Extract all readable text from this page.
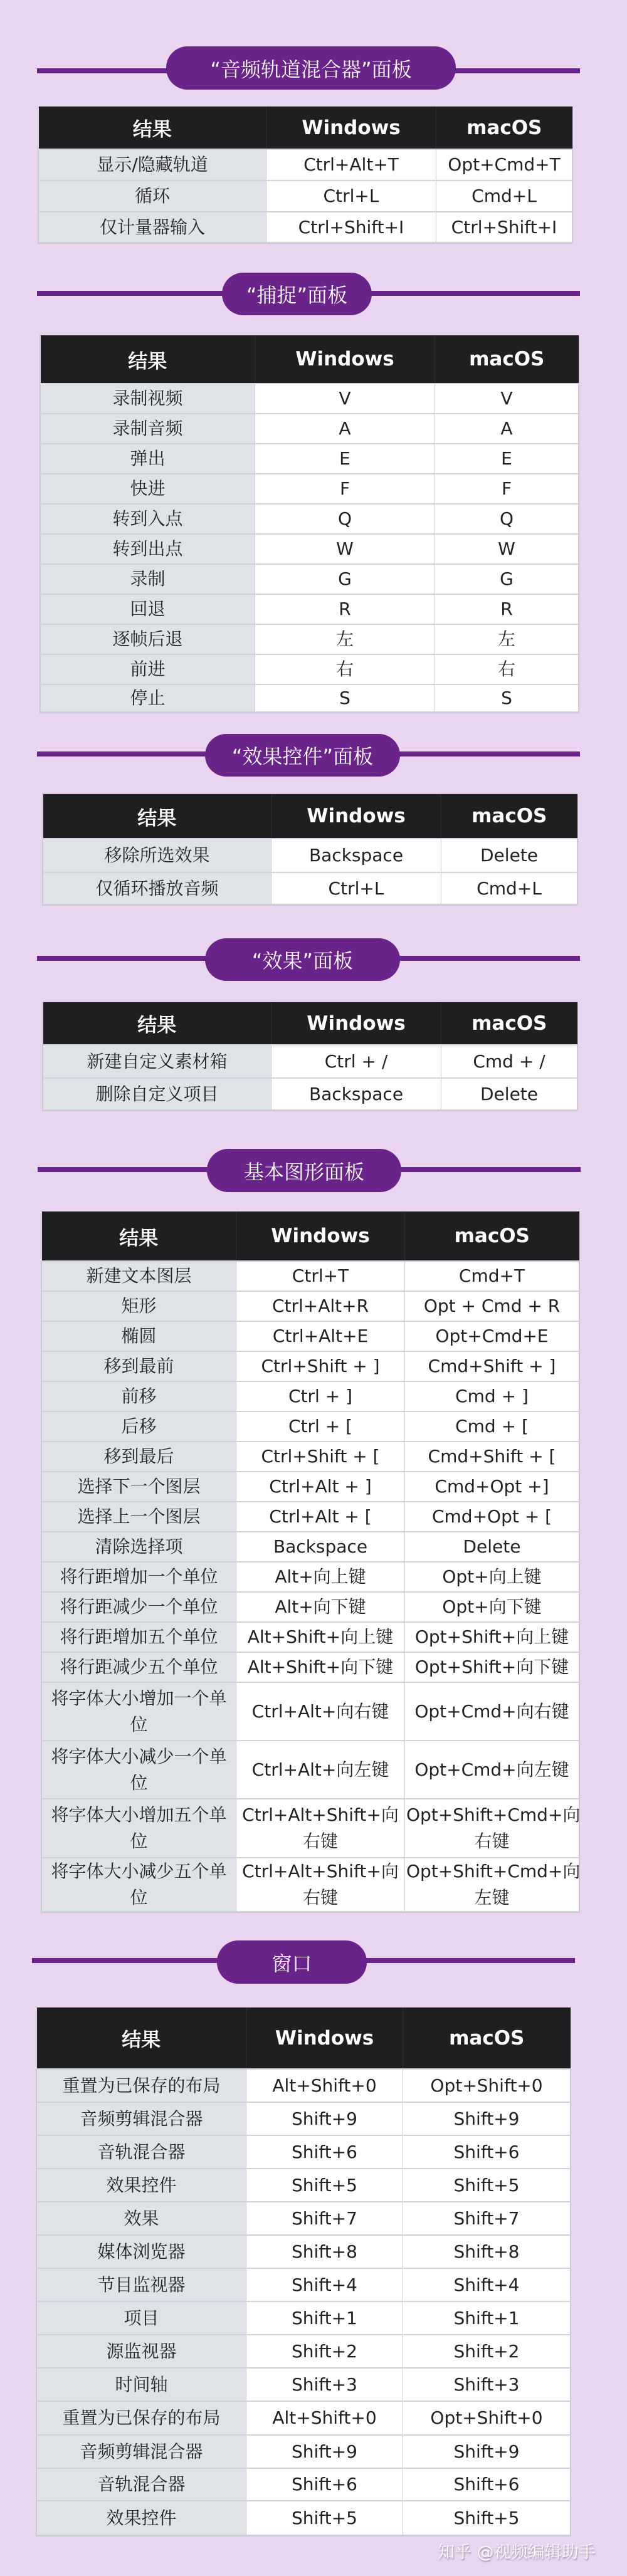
“音频轨道混合器”面板
结果	Windows	macOS
显示/隐藏轨道	Ctrl+Alt+T	Opt+Cmd+T
循环	Ctrl+L	Cmd+L
仅计量器输入	Ctrl+Shift+I	Ctrl+Shift+I
“捕捉”面板
结果	Windows	macOS
录制视频	V	V
录制音频	A	A
弹出	E	E
快进	F	F
转到入点	Q	Q
转到出点	W	W
录制	G	G
回退	R	R
逐帧后退	左	左
前进	右	右
停止	S	S
“效果控件”面板
结果	Windows	macOS
移除所选效果	Backspace	Delete
仅循环播放音频	Ctrl+L	Cmd+L
“效果”面板
结果	Windows	macOS
新建自定义素材箱	Ctrl + /	Cmd + /
删除自定义项目	Backspace	Delete
基本图形面板
结果	Windows	macOS
新建文本图层	Ctrl+T	Cmd+T
矩形	Ctrl+Alt+R	Opt + Cmd + R
椭圆	Ctrl+Alt+E	Opt+Cmd+E
移到最前	Ctrl+Shift + ]	Cmd+Shift + ]
前移	Ctrl + ]	Cmd + ]
后移	Ctrl + [	Cmd + [
移到最后	Ctrl+Shift + [	Cmd+Shift + [
选择下一个图层	Ctrl+Alt + ]	Cmd+Opt +]
选择上一个图层	Ctrl+Alt + [	Cmd+Opt + [
清除选择项	Backspace	Delete
将行距增加一个单位	Alt+向上键	Opt+向上键
将行距减少一个单位	Alt+向下键	Opt+向下键
将行距增加五个单位	Alt+Shift+向上键	Opt+Shift+向上键
将行距减少五个单位	Alt+Shift+向下键	Opt+Shift+向下键
将字体大小增加一个单位	Ctrl+Alt+向右键	Opt+Cmd+向右键
将字体大小减少一个单位	Ctrl+Alt+向左键	Opt+Cmd+向左键
将字体大小增加五个单位	Ctrl+Alt+Shift+向右键	Opt+Shift+Cmd+向右键
将字体大小减少五个单位	Ctrl+Alt+Shift+向右键	Opt+Shift+Cmd+向左键
窗口
结果	Windows	macOS
重置为已保存的布局	Alt+Shift+0	Opt+Shift+0
音频剪辑混合器	Shift+9	Shift+9
音轨混合器	Shift+6	Shift+6
效果控件	Shift+5	Shift+5
效果	Shift+7	Shift+7
媒体浏览器	Shift+8	Shift+8
节目监视器	Shift+4	Shift+4
项目	Shift+1	Shift+1
源监视器	Shift+2	Shift+2
时间轴	Shift+3	Shift+3
重置为已保存的布局	Alt+Shift+0	Opt+Shift+0
音频剪辑混合器	Shift+9	Shift+9
音轨混合器	Shift+6	Shift+6
效果控件	Shift+5	Shift+5
知乎 @视频编辑助手
